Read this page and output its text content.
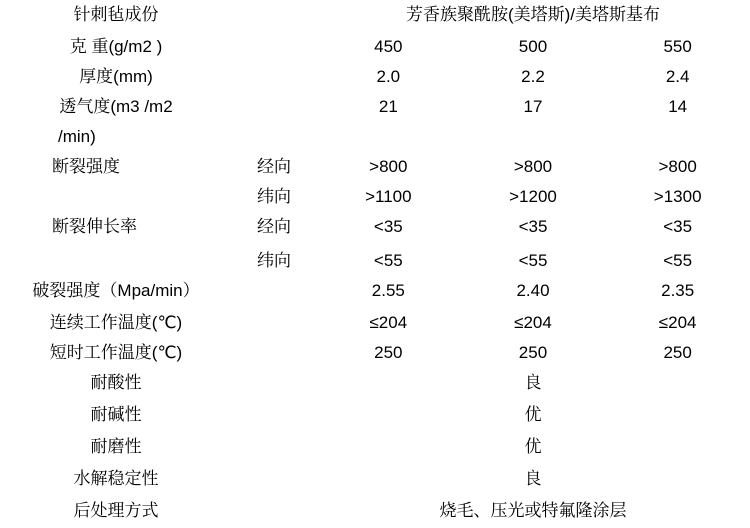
针刺毡成份		芳香族聚酰胺(美塔斯)/美塔斯基布		
克 重(g/m2 )		450	500	550
厚度(mm)		2.0	2.2	2.4
透气度(m3 /m2		21	17	14
/min)				
断裂强度	经向	>800	>800	>800
	纬向	>1100	>1200	>1300
断裂伸长率	经向	<35	<35	<35
	纬向	<55	<55	<55
破裂强度（Mpa/min）		2.55	2.40	2.35
连续工作温度(℃)		≤204	≤204	≤204
短时工作温度(℃)		250	250	250
耐酸性		良		
耐碱性		优		
耐磨性		优		
水解稳定性		良		
后处理方式		烧毛、压光或特氟隆涂层		
